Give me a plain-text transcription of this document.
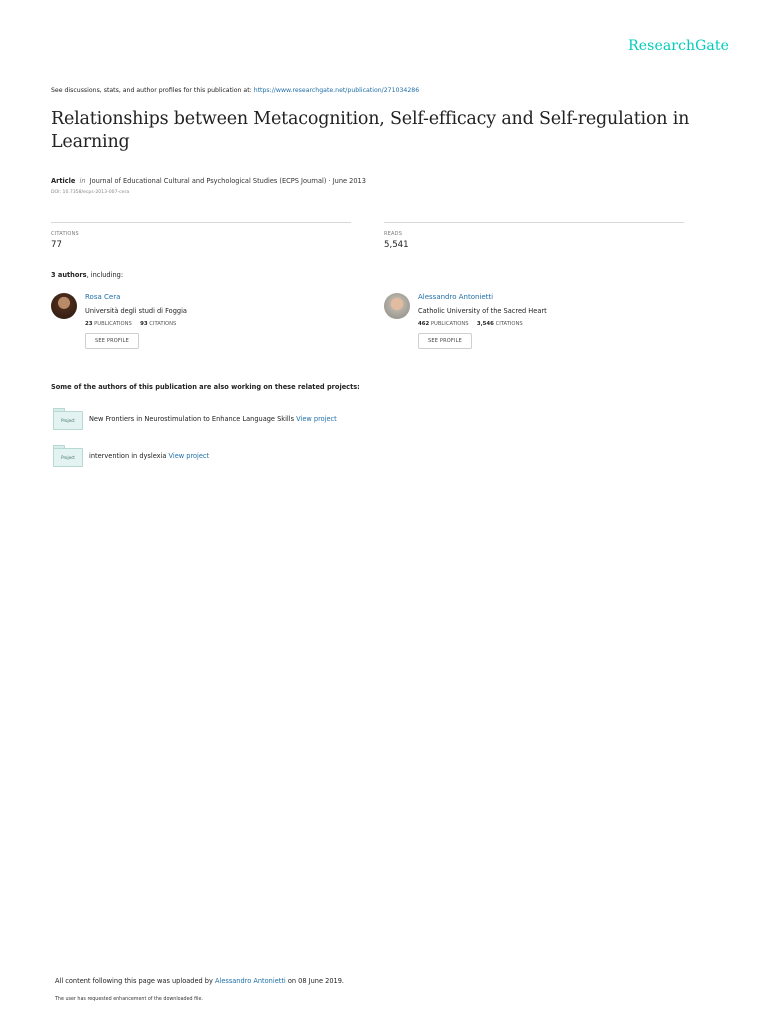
ResearchGate
See discussions, stats, and author profiles for this publication at: https://www.researchgate.net/publication/271034286
Relationships between Metacognition, Self-efficacy and Self-regulation in Learning
Article in Journal of Educational Cultural and Psychological Studies (ECPS Journal) · June 2013
DOI: 10.7358/ecps-2013-007-cera
CITATIONS
77
READS
5,541
3 authors, including:
Rosa Cera
Università degli studi di Foggia
23 PUBLICATIONS 93 CITATIONS
SEE PROFILE
Alessandro Antonietti
Catholic University of the Sacred Heart
462 PUBLICATIONS 3,546 CITATIONS
SEE PROFILE
Some of the authors of this publication are also working on these related projects:
Project	New Frontiers in Neurostimulation to Enhance Language Skills View project
Project	intervention in dyslexia View project
All content following this page was uploaded by Alessandro Antonietti on 08 June 2019.
The user has requested enhancement of the downloaded file.
